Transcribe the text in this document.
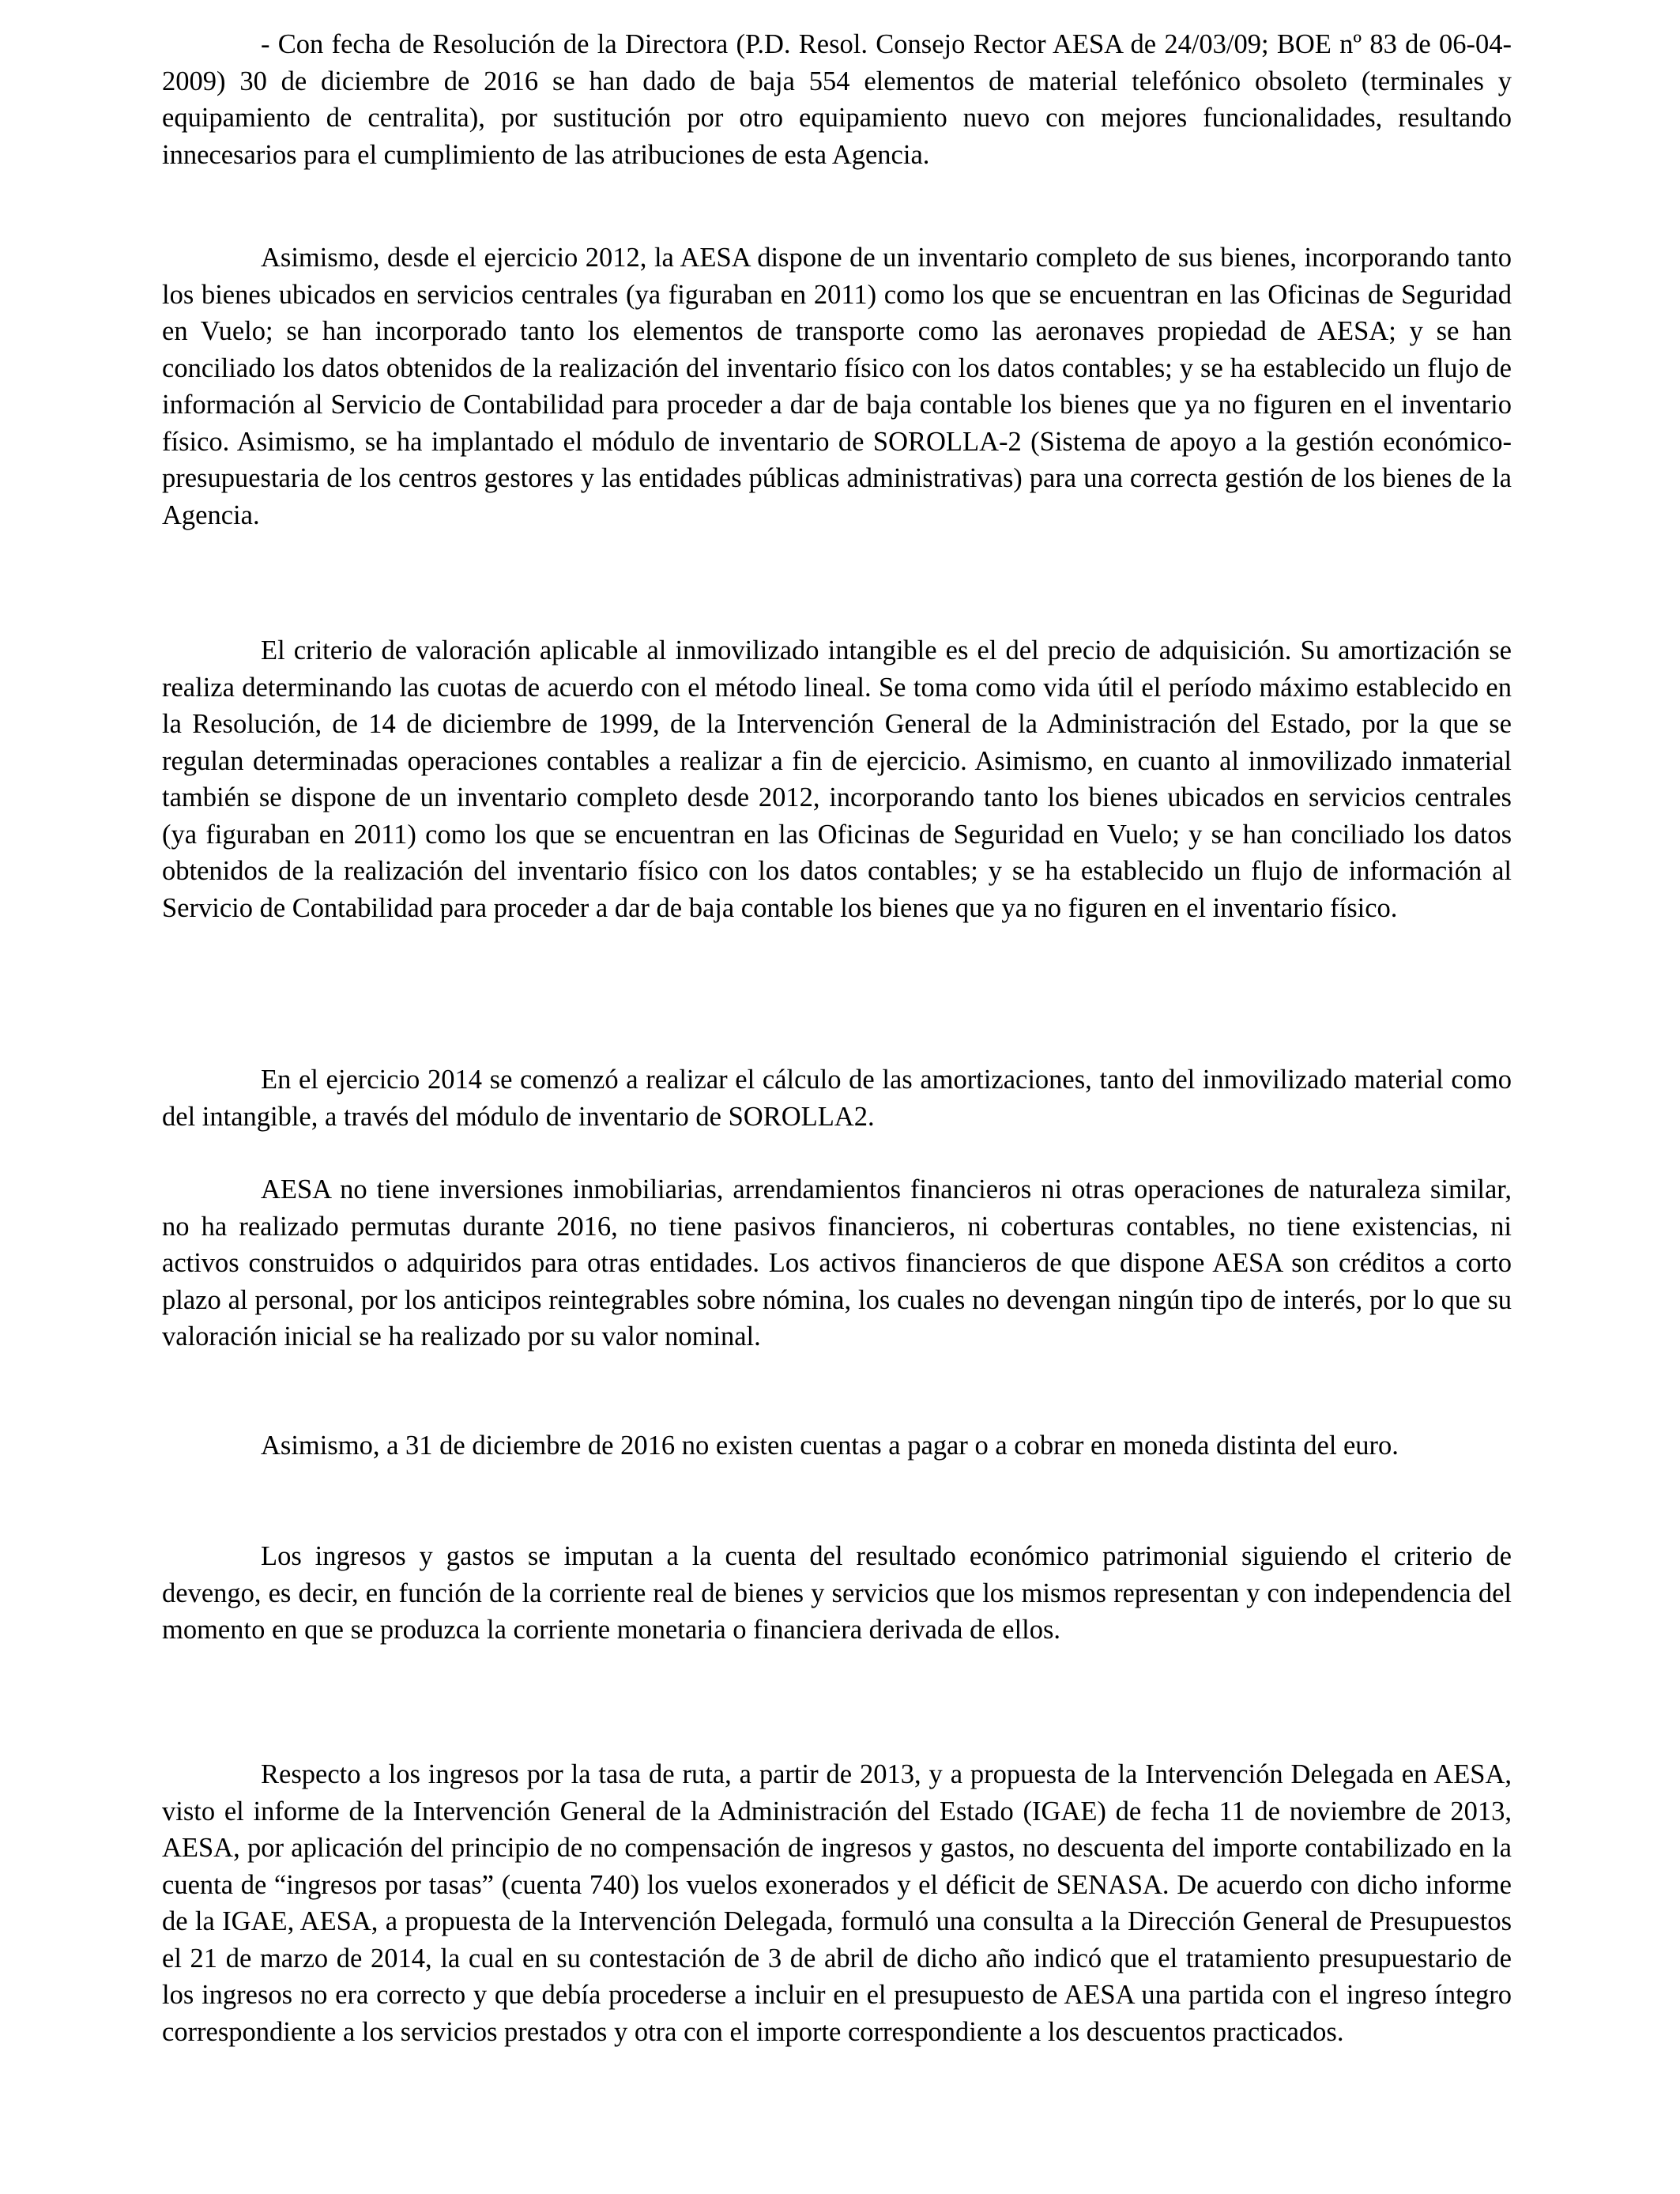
- Con fecha de Resolución de la Directora (P.D. Resol. Consejo Rector AESA de 24/03/09; BOE nº 83 de 06-04-2009) 30 de diciembre de 2016 se han dado de baja 554 elementos de material telefónico obsoleto (terminales y equipamiento de centralita), por sustitución por otro equipamiento nuevo con mejores funcionalidades, resultando innecesarios para el cumplimiento de las atribuciones de esta Agencia.

Asimismo, desde el ejercicio 2012, la AESA dispone de un inventario completo de sus bienes, incorporando tanto los bienes ubicados en servicios centrales (ya figuraban en 2011) como los que se encuentran en las Oficinas de Seguridad en Vuelo; se han incorporado tanto los elementos de transporte como las aeronaves propiedad de AESA; y se han conciliado los datos obtenidos de la realización del inventario físico con los datos contables; y se ha establecido un flujo de información al Servicio de Contabilidad para proceder a dar de baja contable los bienes que ya no figuren en el inventario físico. Asimismo, se ha implantado el módulo de inventario de SOROLLA-2 (Sistema de apoyo a la gestión económico-presupuestaria de los centros gestores y las entidades públicas administrativas) para una correcta gestión de los bienes de la Agencia.

El criterio de valoración aplicable al inmovilizado intangible es el del precio de adquisición. Su amortización se realiza determinando las cuotas de acuerdo con el método lineal. Se toma como vida útil el período máximo establecido en la Resolución, de 14 de diciembre de 1999, de la Intervención General de la Administración del Estado, por la que se regulan determinadas operaciones contables a realizar a fin de ejercicio. Asimismo, en cuanto al inmovilizado inmaterial también se dispone de un inventario completo desde 2012, incorporando tanto los bienes ubicados en servicios centrales (ya figuraban en 2011) como los que se encuentran en las Oficinas de Seguridad en Vuelo; y se han conciliado los datos obtenidos de la realización del inventario físico con los datos contables; y se ha establecido un flujo de información al Servicio de Contabilidad para proceder a dar de baja contable los bienes que ya no figuren en el inventario físico.

En el ejercicio 2014 se comenzó a realizar el cálculo de las amortizaciones, tanto del inmovilizado material como del intangible, a través del módulo de inventario de SOROLLA2.

AESA no tiene inversiones inmobiliarias, arrendamientos financieros ni otras operaciones de naturaleza similar, no ha realizado permutas durante 2016, no tiene pasivos financieros, ni coberturas contables, no tiene existencias, ni activos construidos o adquiridos para otras entidades. Los activos financieros de que dispone AESA son créditos a corto plazo al personal, por los anticipos reintegrables sobre nómina, los cuales no devengan ningún tipo de interés, por lo que su valoración inicial se ha realizado por su valor nominal.

Asimismo, a 31 de diciembre de 2016 no existen cuentas a pagar o a cobrar en moneda distinta del euro.

Los ingresos y gastos se imputan a la cuenta del resultado económico patrimonial siguiendo el criterio de devengo, es decir, en función de la corriente real de bienes y servicios que los mismos representan y con independencia del momento en que se produzca la corriente monetaria o financiera derivada de ellos.

Respecto a los ingresos por la tasa de ruta, a partir de 2013, y a propuesta de la Intervención Delegada en AESA, visto el informe de la Intervención General de la Administración del Estado (IGAE) de fecha 11 de noviembre de 2013, AESA, por aplicación del principio de no compensación de ingresos y gastos, no descuenta del importe contabilizado en la cuenta de “ingresos por tasas” (cuenta 740) los vuelos exonerados y el déficit de SENASA. De acuerdo con dicho informe de la IGAE, AESA, a propuesta de la Intervención Delegada, formuló una consulta a la Dirección General de Presupuestos el 21 de marzo de 2014, la cual en su contestación de 3 de abril de dicho año indicó que el tratamiento presupuestario de los ingresos no era correcto y que debía procederse a incluir en el presupuesto de AESA una partida con el ingreso íntegro correspondiente a los servicios prestados y otra con el importe correspondiente a los descuentos practicados.
